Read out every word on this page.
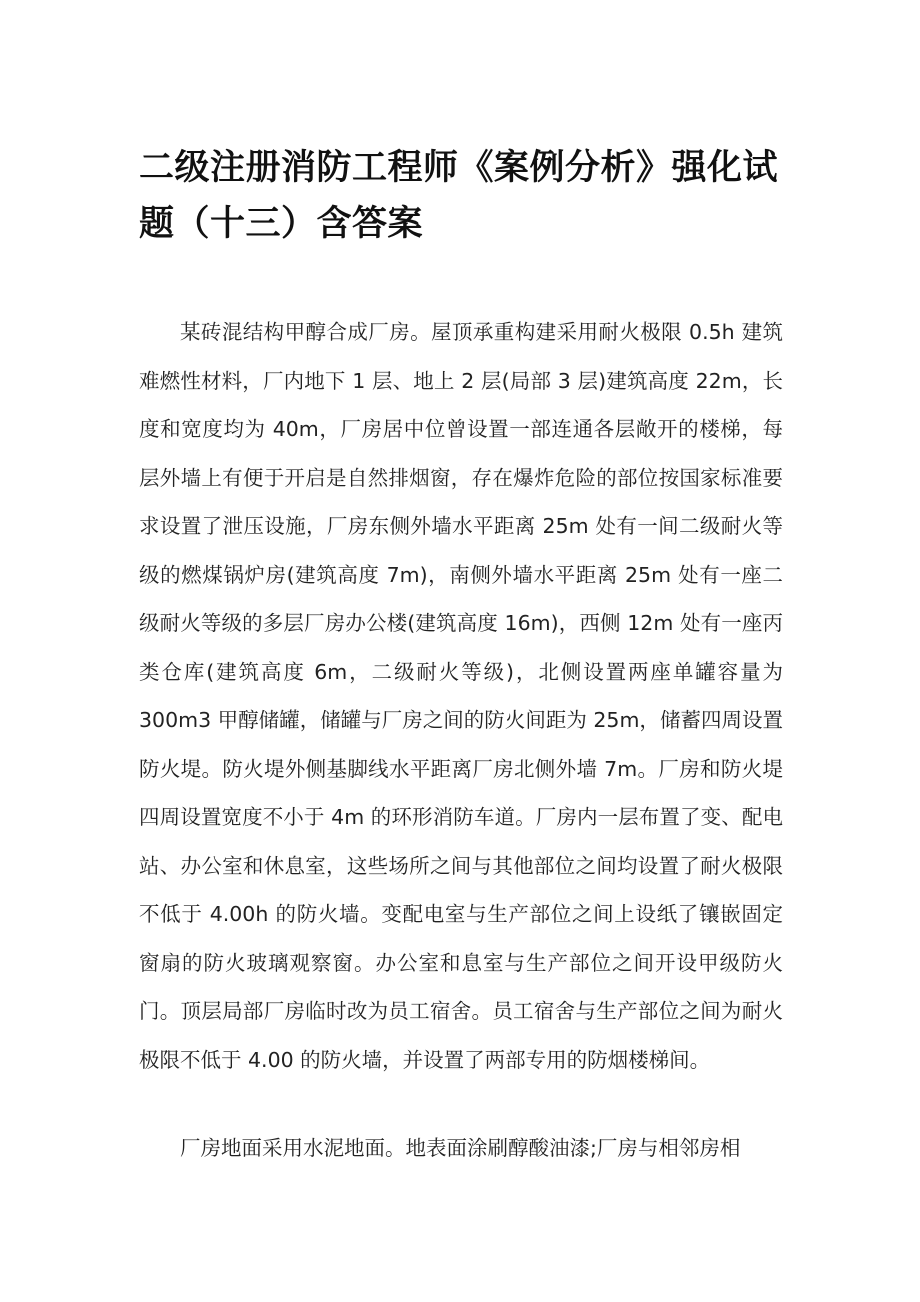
二级注册消防工程师《案例分析》强化试题（十三）含答案

某砖混结构甲醇合成厂房。屋顶承重构建采用耐火极限 0.5h 建筑难燃性材料，厂内地下 1 层、地上 2 层(局部 3 层)建筑高度 22m，长度和宽度均为 40m，厂房居中位曾设置一部连通各层敞开的楼梯，每层外墙上有便于开启是自然排烟窗，存在爆炸危险的部位按国家标准要求设置了泄压设施，厂房东侧外墙水平距离 25m 处有一间二级耐火等级的燃煤锅炉房(建筑高度 7m)，南侧外墙水平距离 25m 处有一座二级耐火等级的多层厂房办公楼(建筑高度 16m)，西侧 12m 处有一座丙类仓库(建筑高度 6m，二级耐火等级)，北侧设置两座单罐容量为 300m3 甲醇储罐，储罐与厂房之间的防火间距为 25m，储蓄四周设置防火堤。防火堤外侧基脚线水平距离厂房北侧外墙 7m。厂房和防火堤四周设置宽度不小于 4m 的环形消防车道。厂房内一层布置了变、配电站、办公室和休息室，这些场所之间与其他部位之间均设置了耐火极限不低于 4.00h 的防火墙。变配电室与生产部位之间上设纸了镶嵌固定窗扇的防火玻璃观察窗。办公室和息室与生产部位之间开设甲级防火门。顶层局部厂房临时改为员工宿舍。员工宿舍与生产部位之间为耐火极限不低于 4.00 的防火墙，并设置了两部专用的防烟楼梯间。

厂房地面采用水泥地面。地表面涂刷醇酸油漆;厂房与相邻房相
